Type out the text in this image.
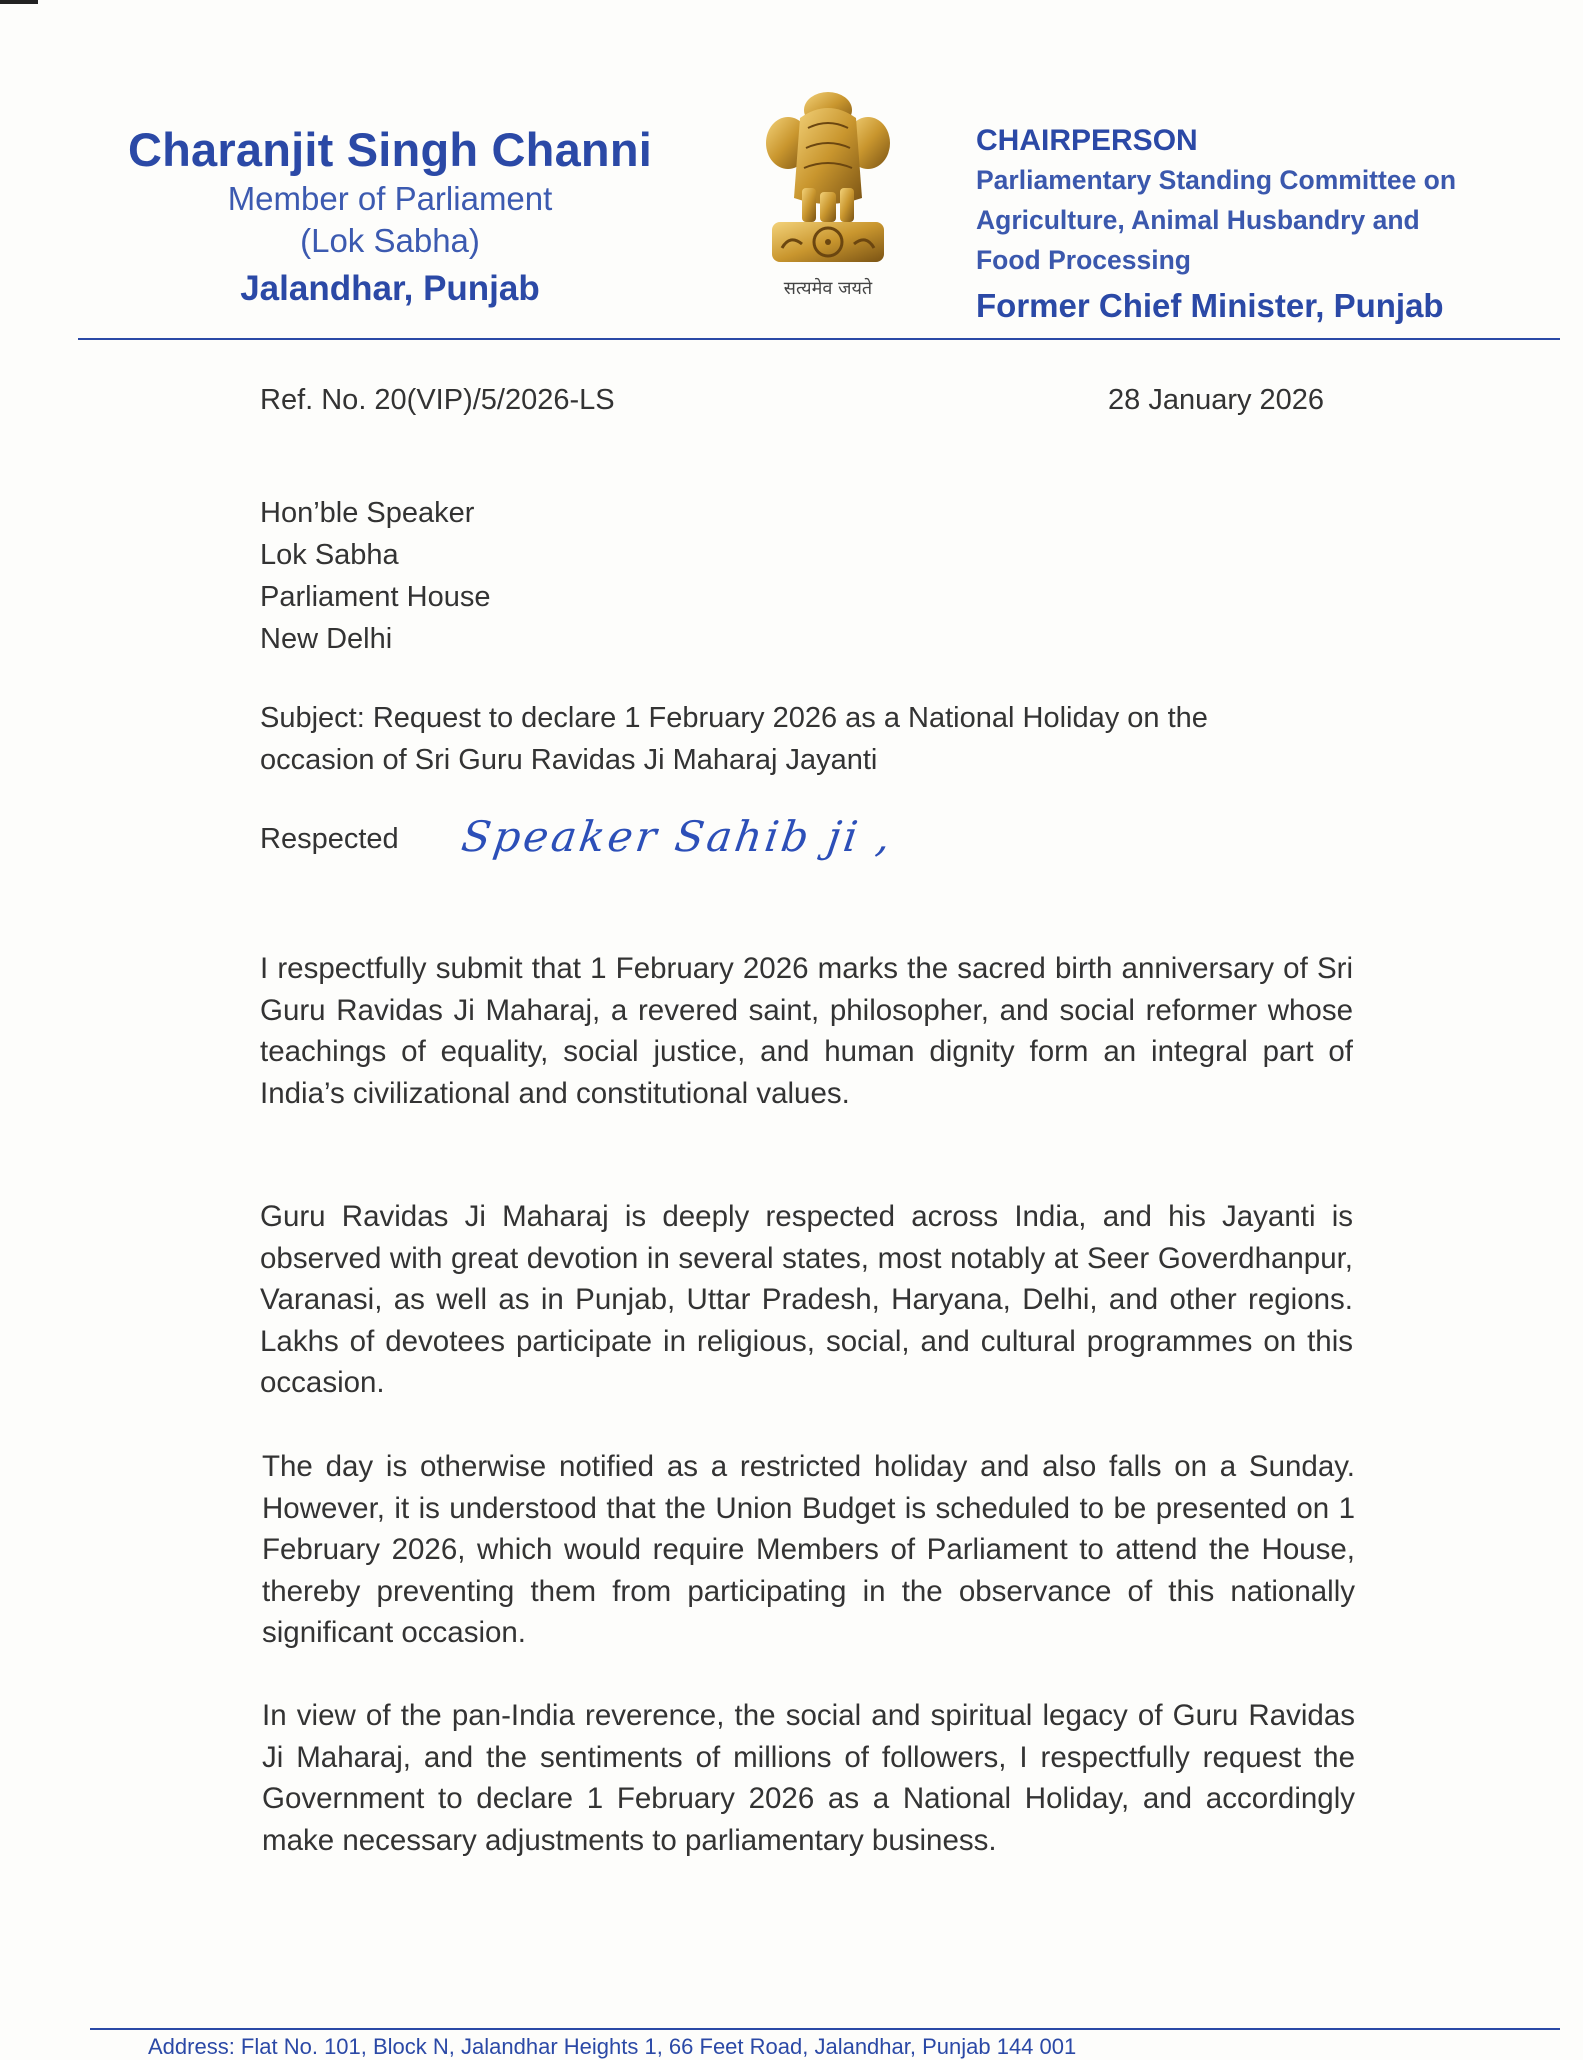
Charanjit Singh Channi
Member of Parliament
(Lok Sabha)
Jalandhar, Punjab	सत्यमेव जयते
CHAIRPERSON
Parliamentary Standing Committee on
Agriculture, Animal Husbandry and
Food Processing
Former Chief Minister, Punjab
Ref. No. 20(VIP)/5/2026-LS	28 January 2026
Hon’ble Speaker
Lok Sabha
Parliament House
New Delhi
Subject: Request to declare 1 February 2026 as a National Holiday on the
occasion of Sri Guru Ravidas Ji Maharaj Jayanti
Respected Speaker Sahib ji ,
I respectfully submit that 1 February 2026 marks the sacred birth anniversary of Sri Guru Ravidas Ji Maharaj, a revered saint, philosopher, and social reformer whose teachings of equality, social justice, and human dignity form an integral part of India’s civilizational and constitutional values.
Guru Ravidas Ji Maharaj is deeply respected across India, and his Jayanti is observed with great devotion in several states, most notably at Seer Goverdhanpur, Varanasi, as well as in Punjab, Uttar Pradesh, Haryana, Delhi, and other regions. Lakhs of devotees participate in religious, social, and cultural programmes on this occasion.
The day is otherwise notified as a restricted holiday and also falls on a Sunday. However, it is understood that the Union Budget is scheduled to be presented on 1 February 2026, which would require Members of Parliament to attend the House, thereby preventing them from participating in the observance of this nationally significant occasion.
In view of the pan-India reverence, the social and spiritual legacy of Guru Ravidas Ji Maharaj, and the sentiments of millions of followers, I respectfully request the Government to declare 1 February 2026 as a National Holiday, and accordingly make necessary adjustments to parliamentary business.
Address: Flat No. 101, Block N, Jalandhar Heights 1, 66 Feet Road, Jalandhar, Punjab 144 001
